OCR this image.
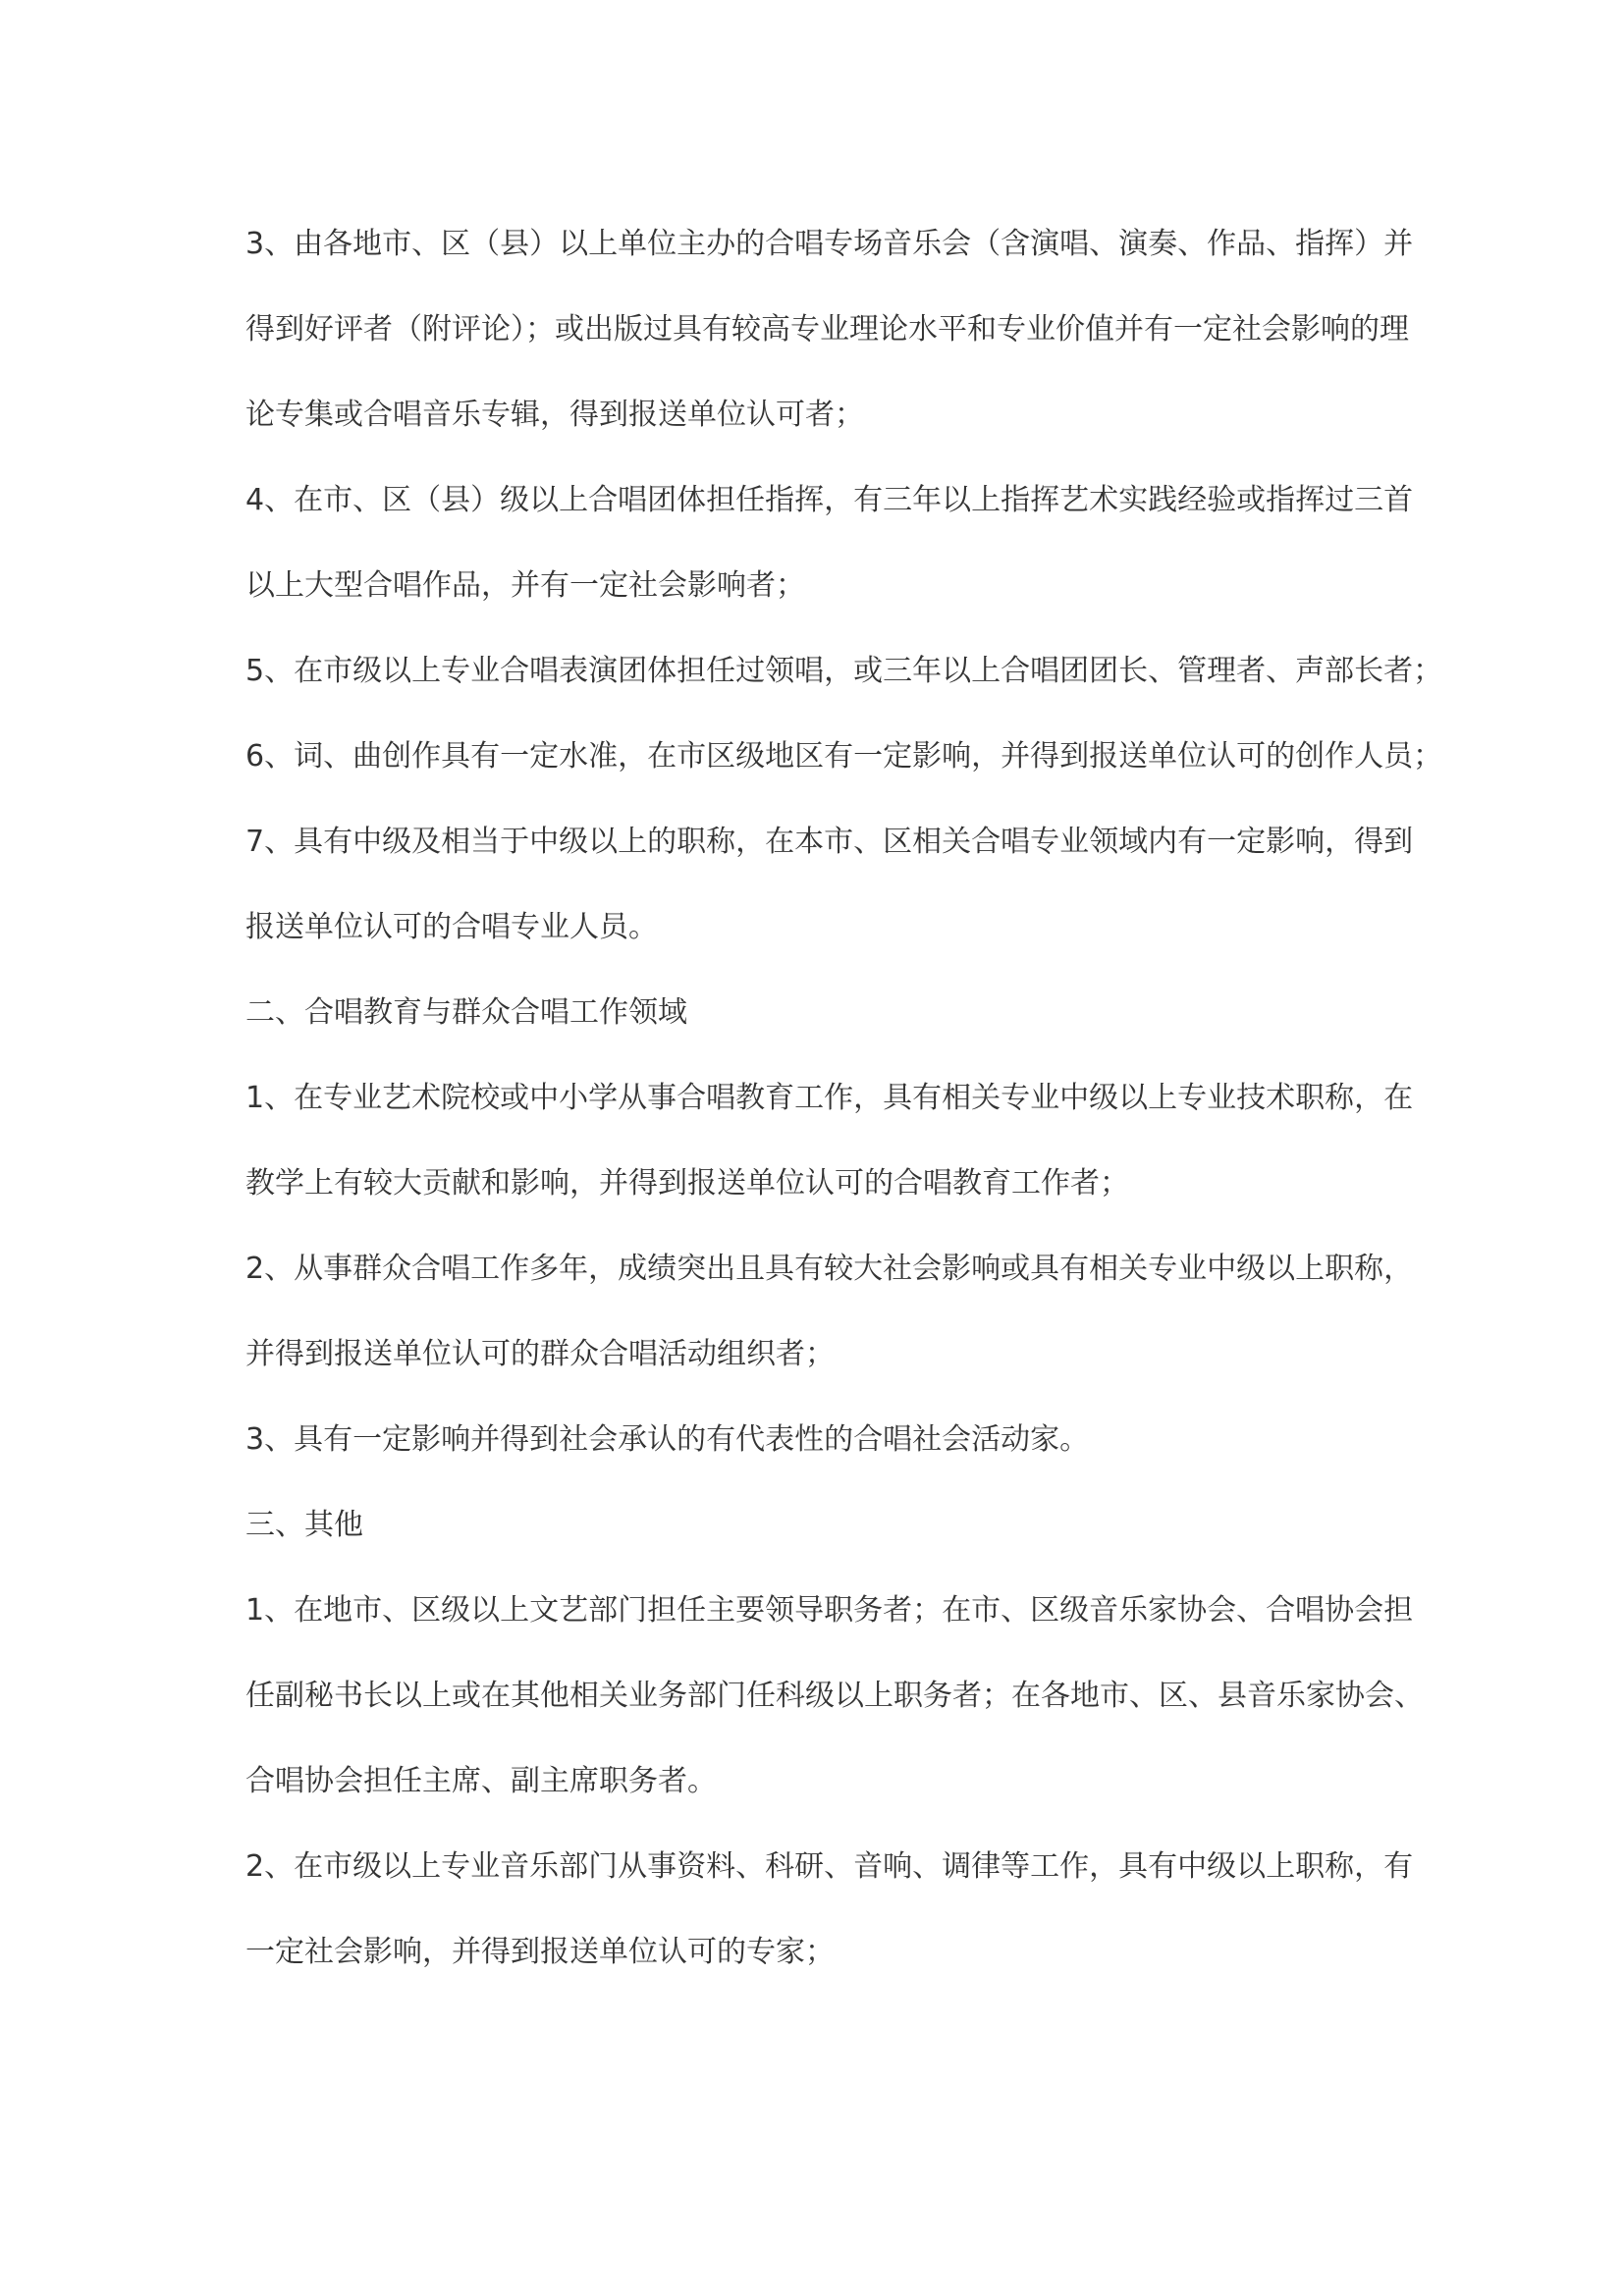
3、由各地市、区（县）以上单位主办的合唱专场音乐会（含演唱、演奏、作品、指挥）并
得到好评者（附评论）；或出版过具有较高专业理论水平和专业价值并有一定社会影响的理
论专集或合唱音乐专辑，得到报送单位认可者；
4、在市、区（县）级以上合唱团体担任指挥，有三年以上指挥艺术实践经验或指挥过三首
以上大型合唱作品，并有一定社会影响者；
5、在市级以上专业合唱表演团体担任过领唱，或三年以上合唱团团长、管理者、声部长者；
6、词、曲创作具有一定水准，在市区级地区有一定影响，并得到报送单位认可的创作人员；
7、具有中级及相当于中级以上的职称，在本市、区相关合唱专业领域内有一定影响，得到
报送单位认可的合唱专业人员。
二、合唱教育与群众合唱工作领域
1、在专业艺术院校或中小学从事合唱教育工作，具有相关专业中级以上专业技术职称，在
教学上有较大贡献和影响，并得到报送单位认可的合唱教育工作者；
2、从事群众合唱工作多年，成绩突出且具有较大社会影响或具有相关专业中级以上职称，
并得到报送单位认可的群众合唱活动组织者；
3、具有一定影响并得到社会承认的有代表性的合唱社会活动家。
三、其他
1、在地市、区级以上文艺部门担任主要领导职务者；在市、区级音乐家协会、合唱协会担
任副秘书长以上或在其他相关业务部门任科级以上职务者；在各地市、区、县音乐家协会、
合唱协会担任主席、副主席职务者。
2、在市级以上专业音乐部门从事资料、科研、音响、调律等工作，具有中级以上职称，有
一定社会影响，并得到报送单位认可的专家；
